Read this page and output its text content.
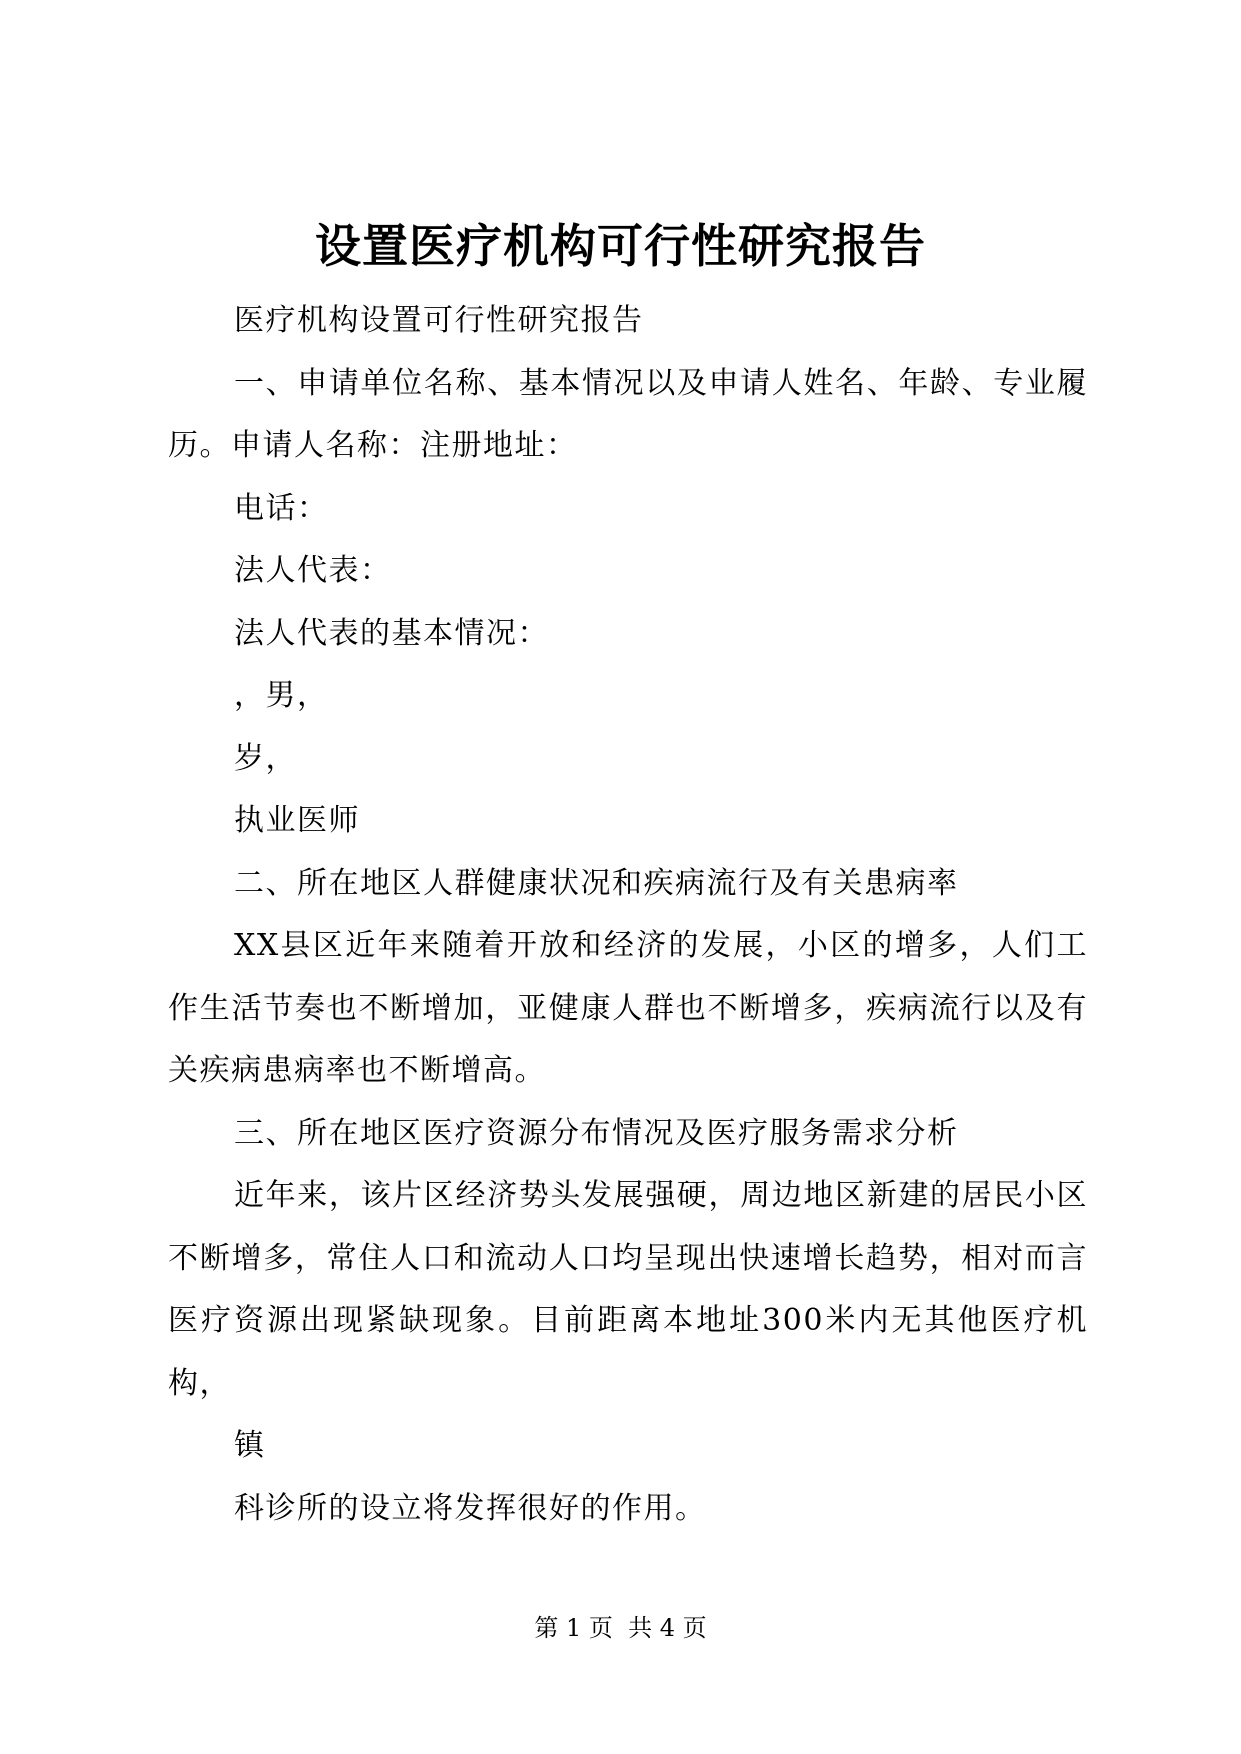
设置医疗机构可行性研究报告

医疗机构设置可行性研究报告

一、申请单位名称、基本情况以及申请人姓名、年龄、专业履历。申请人名称：注册地址：

电话：

法人代表：

法人代表的基本情况：

，男，

岁，

执业医师

二、所在地区人群健康状况和疾病流行及有关患病率

XX县区近年来随着开放和经济的发展，小区的增多，人们工作生活节奏也不断增加，亚健康人群也不断增多，疾病流行以及有关疾病患病率也不断增高。

三、所在地区医疗资源分布情况及医疗服务需求分析

近年来，该片区经济势头发展强硬，周边地区新建的居民小区不断增多，常住人口和流动人口均呈现出快速增长趋势，相对而言医疗资源出现紧缺现象。目前距离本地址300米内无其他医疗机构，

镇

科诊所的设立将发挥很好的作用。

第 1 页  共 4 页
